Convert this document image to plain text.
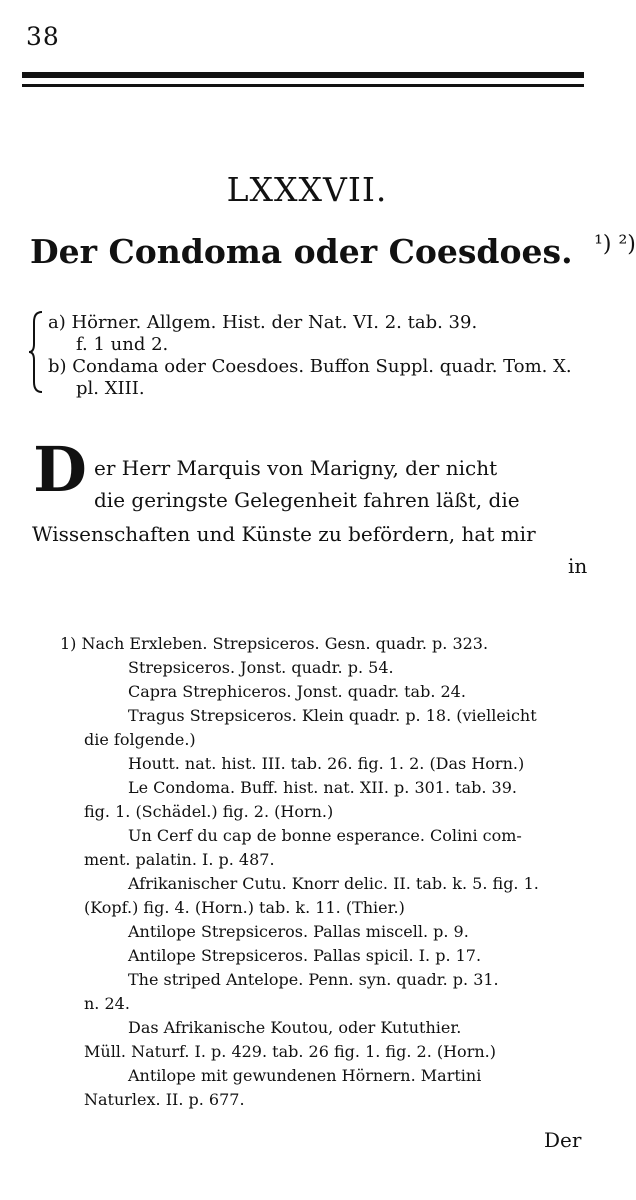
38
LXXXVII.
Der Condoma oder Coesdoes. $^{^1) ^2)}$
a) Hörner. Allgem. Hist. der Nat. VI. 2. tab. 39.
f. 1 und 2.
b) Condama oder Coesdoes. Buffon Suppl. quadr. Tom. X.
pl. XIII.
D er Herr Marquis von Marigny, der nicht
die geringste Gelegenheit fahren läßt, die
Wissenschaften und Künste zu befördern, hat mir
in
1) Nach Erxleben. Strepsiceros. Gesn. quadr. p. 323.
Strepsiceros. Jonst. quadr. p. 54.
Capra Strephiceros. Jonst. quadr. tab. 24.
Tragus Strepsiceros. Klein quadr. p. 18. (vielleicht
die folgende.)
Houtt. nat. hist. III. tab. 26. fig. 1. 2. (Das Horn.)
Le Condoma. Buff. hist. nat. XII. p. 301. tab. 39.
fig. 1. (Schädel.) fig. 2. (Horn.)
Un Cerf du cap de bonne esperance. Colini com-
ment. palatin. I. p. 487.
Afrikanischer Cutu. Knorr delic. II. tab. k. 5. fig. 1.
(Kopf.) fig. 4. (Horn.) tab. k. 11. (Thier.)
Antilope Strepsiceros. Pallas miscell. p. 9.
Antilope Strepsiceros. Pallas spicil. I. p. 17.
The striped Antelope. Penn. syn. quadr. p. 31.
n. 24.
Das Afrikanische Koutou, oder Kututhier.
Müll. Naturf. I. p. 429. tab. 26 fig. 1. fig. 2. (Horn.)
Antilope mit gewundenen Hörnern. Martini
Naturlex. II. p. 677.
Der
